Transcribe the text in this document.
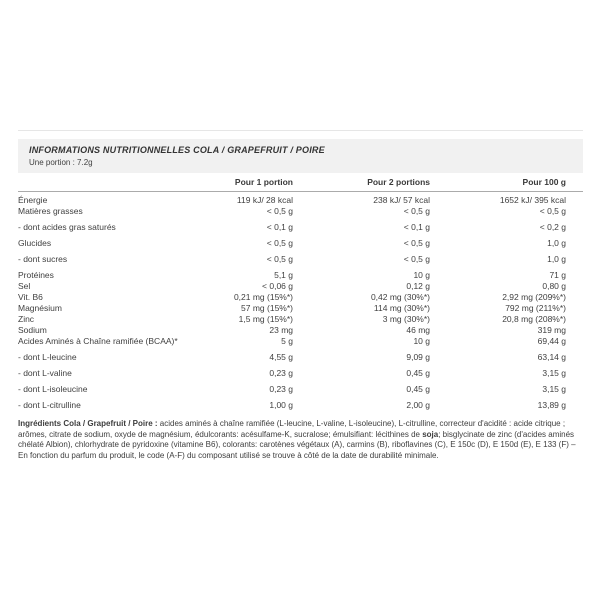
INFORMATIONS NUTRITIONNELLES COLA / GRAPEFRUIT / POIRE
Une portion : 7.2g
	Pour 1 portion	Pour 2 portions	Pour 100 g
Énergie	119 kJ/ 28 kcal	238 kJ/ 57 kcal	1652 kJ/ 395 kcal
Matières grasses	< 0,5 g	< 0,5 g	< 0,5 g
- dont acides gras saturés	< 0,1 g	< 0,1 g	< 0,2 g
Glucides	< 0,5 g	< 0,5 g	1,0 g
- dont sucres	< 0,5 g	< 0,5 g	1,0 g
Protéines	5,1 g	10 g	71 g
Sel	< 0,06 g	0,12 g	0,80 g
Vit. B6	0,21 mg (15%*)	0,42 mg (30%*)	2,92 mg (209%*)
Magnésium	57 mg (15%*)	114 mg (30%*)	792 mg (211%*)
Zinc	1,5 mg (15%*)	3 mg (30%*)	20,8 mg (208%*)
Sodium	23 mg	46 mg	319 mg
Acides Aminés à Chaîne ramifiée (BCAA)*	5 g	10 g	69,44 g
- dont L-leucine	4,55 g	9,09 g	63,14 g
- dont L-valine	0,23 g	0,45 g	3,15 g
- dont L-isoleucine	0,23 g	0,45 g	3,15 g
- dont L-citrulline	1,00 g	2,00 g	13,89 g

Ingrédients Cola / Grapefruit / Poire : acides aminés à chaîne ramifiée (L-leucine, L-valine, L-isoleucine), L-citrulline, correcteur d'acidité : acide citrique ; arômes, citrate de sodium, oxyde de magnésium, édulcorants: acésulfame-K, sucralose; émulsifiant: lécithines de soja; bisglycinate de zinc (d'acides aminés chélaté Albion), chlorhydrate de pyridoxine (vitamine B6), colorants: carotènes végétaux (A), carmins (B), riboflavines (C), E 150c (D), E 150d (E), E 133 (F) – En fonction du parfum du produit, le code (A-F) du composant utilisé se trouve à côté de la date de durabilité minimale.
